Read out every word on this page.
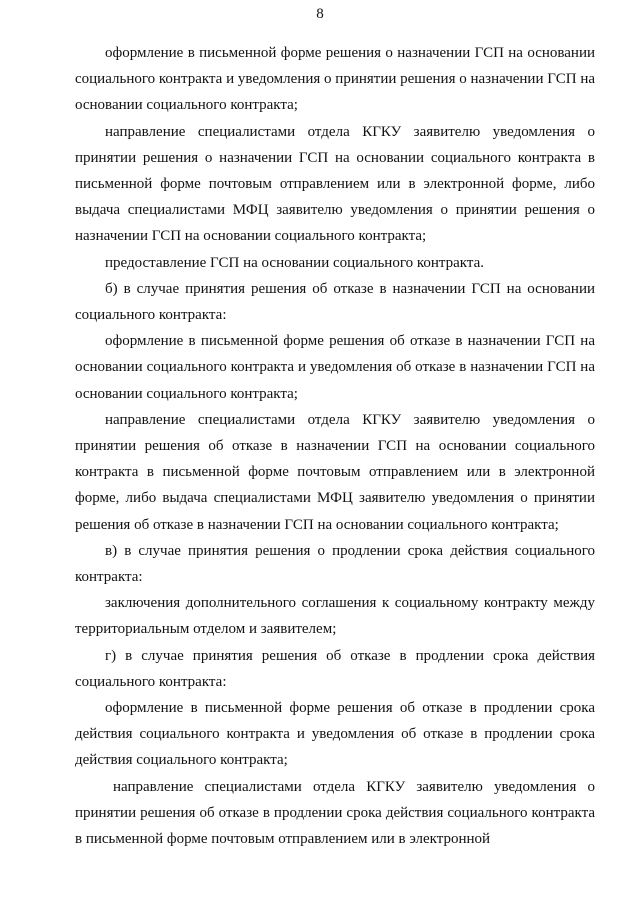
8

оформление в письменной форме решения о назначении ГСП на основании социального контракта и уведомления о принятии решения о назначении ГСП на основании социального контракта;

направление специалистами отдела КГКУ заявителю уведомления о принятии решения о назначении ГСП на основании социального контракта в письменной форме почтовым отправлением или в электронной форме, либо выдача специалистами МФЦ заявителю уведомления о принятии решения о назначении ГСП на основании социального контракта;

предоставление ГСП на основании социального контракта.

б) в случае принятия решения об отказе в назначении ГСП на основании социального контракта:

оформление в письменной форме решения об отказе в назначении ГСП на основании социального контракта и уведомления об отказе в назначении ГСП на основании социального контракта;

направление специалистами отдела КГКУ заявителю уведомления о принятии решения об отказе в назначении ГСП на основании социального контракта в письменной форме почтовым отправлением или в электронной форме, либо выдача специалистами МФЦ заявителю уведомления о принятии решения об отказе в назначении ГСП на основании социального контракта;

в) в случае принятия решения о продлении срока действия социального контракта:

заключения дополнительного соглашения к социальному контракту между территориальным отделом и заявителем;

г) в случае принятия решения об отказе в продлении срока действия социального контракта:

оформление в письменной форме решения об отказе в продлении срока действия социального контракта и уведомления об отказе в продлении срока действия социального контракта;

направление специалистами отдела КГКУ заявителю уведомления о принятии решения об отказе в продлении срока действия социального контракта в письменной форме почтовым отправлением или в электронной
